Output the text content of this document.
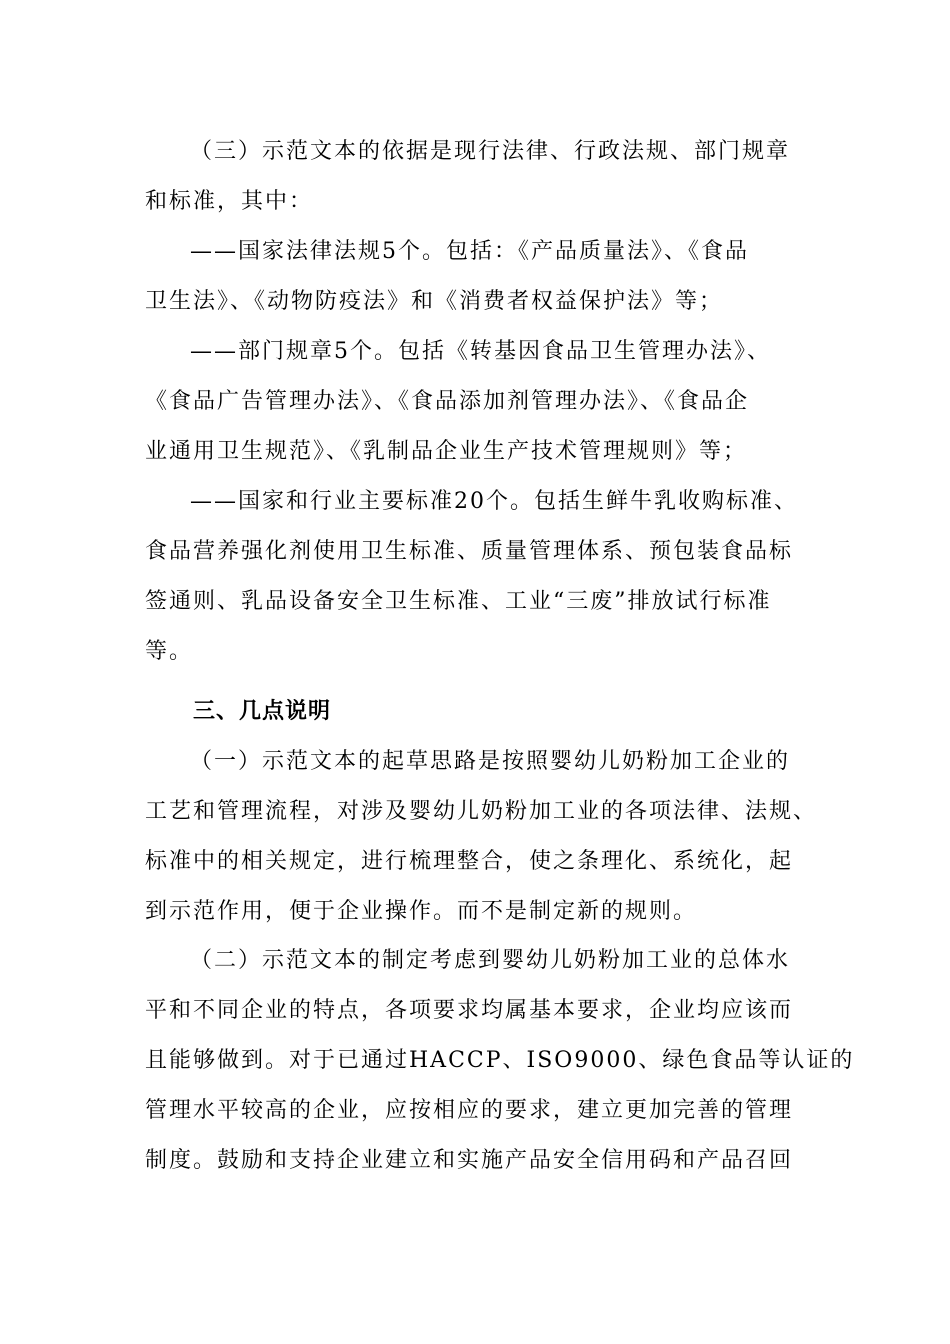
（三）示范文本的依据是现行法律、行政法规、部门规章

和标准，其中：

——国家法律法规5个。包括：《产品质量法》、《食品

卫生法》、《动物防疫法》和《消费者权益保护法》等；

——部门规章5个。包括《转基因食品卫生管理办法》、

《食品广告管理办法》、《食品添加剂管理办法》、《食品企

业通用卫生规范》、《乳制品企业生产技术管理规则》等；

——国家和行业主要标准20个。包括生鲜牛乳收购标准、

食品营养强化剂使用卫生标准、质量管理体系、预包装食品标

签通则、乳品设备安全卫生标准、工业“三废”排放试行标准

等。

三、几点说明

（一）示范文本的起草思路是按照婴幼儿奶粉加工企业的

工艺和管理流程，对涉及婴幼儿奶粉加工业的各项法律、法规、

标准中的相关规定，进行梳理整合，使之条理化、系统化，起

到示范作用，便于企业操作。而不是制定新的规则。

（二）示范文本的制定考虑到婴幼儿奶粉加工业的总体水

平和不同企业的特点，各项要求均属基本要求，企业均应该而

且能够做到。对于已通过HACCP、ISO9000、绿色食品等认证的

管理水平较高的企业，应按相应的要求，建立更加完善的管理

制度。鼓励和支持企业建立和实施产品安全信用码和产品召回
